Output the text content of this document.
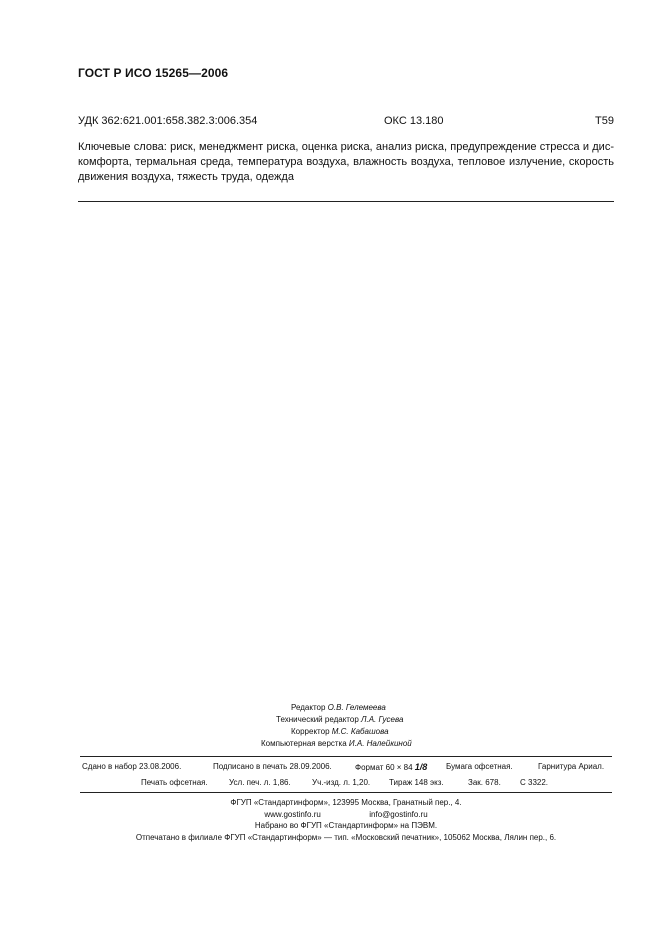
ГОСТ Р ИСО 15265—2006
УДК 362:621.001:658.382.3:006.354	ОКС 13.180	Т59
Ключевые слова: риск, менеджмент риска, оценка риска, анализ риска, предупреждение стресса и дис-
комфорта, термальная среда, температура воздуха, влажность воздуха, тепловое излучение, скорость
движения воздуха, тяжесть труда, одежда
Редактор О.В. Гелемеева
Технический редактор Л.А. Гусева
Корректор М.С. Кабашова
Компьютерная верстка И.А. Налейкиной
Сдано в набор 23.08.2006.	Подписано в печать 28.09.2006.	Формат 60 × 84 1/8 Бумага офсетная.	Гарнитура Ариал.
Печать офсетная.	Усл. печ. л. 1,86.	Уч.-изд. л. 1,20. Тираж 148 экз.	Зак. 678. С 3322.
ФГУП «Стандартинформ», 123995 Москва, Гранатный пер., 4.
www.gostinfo.ru	info@gostinfo.ru
Набрано во ФГУП «Стандартинформ» на ПЭВМ.
Отпечатано в филиале ФГУП «Стандартинформ» — тип. «Московский печатник», 105062 Москва, Лялин пер., 6.
